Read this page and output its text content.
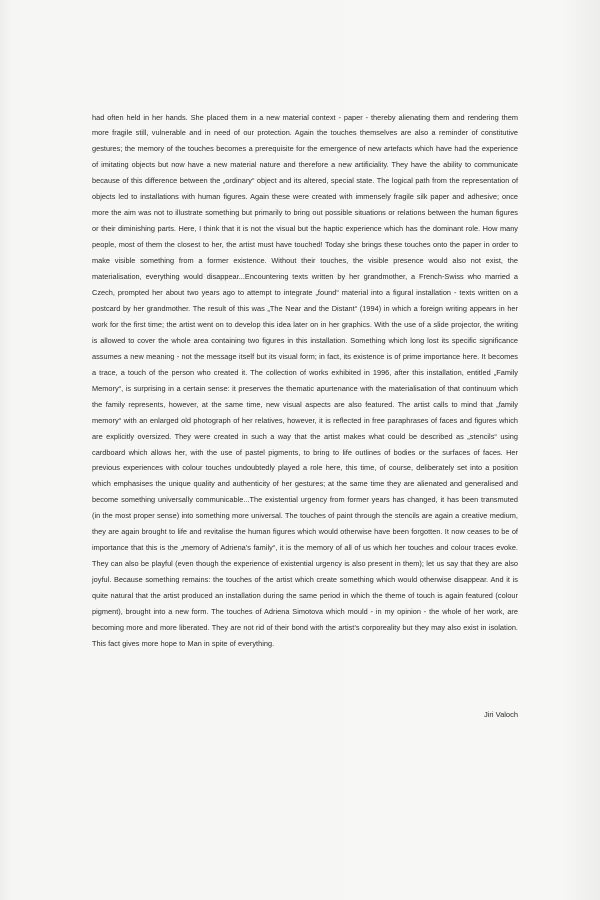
had often held in her hands. She placed them in a new material context - paper - thereby alienating them and rendering them more fragile still, vulnerable and in need of our protection. Again the touches themselves are also a reminder of constitutive gestures; the memory of the touches becomes a prerequisite for the emergence of new artefacts which have had the experience of imitating objects but now have a new material nature and therefore a new artificiality. They have the ability to communicate because of this difference between the „ordinary“ object and its altered, special state. The logical path from the representation of objects led to installations with human figures. Again these were created with immensely fragile silk paper and adhesive; once more the aim was not to illustrate something but primarily to bring out possible situations or relations between the human figures or their diminishing parts. Here, I think that it is not the visual but the haptic experience which has the dominant role. How many people, most of them the closest to her, the artist must have touched! Today she brings these touches onto the paper in order to make visible something from a former existence. Without their touches, the visible presence would also not exist, the materialisation, everything would disappear...Encountering texts written by her grandmother, a French-Swiss who married a Czech, prompted her about two years ago to attempt to integrate „found“ material into a figural installation - texts written on a postcard by her grandmother. The result of this was „The Near and the Distant“ (1994) in which a foreign writing appears in her work for the first time; the artist went on to develop this idea later on in her graphics. With the use of a slide projector, the writing is allowed to cover the whole area containing two figures in this installation. Something which long lost its specific significance assumes a new meaning - not the message itself but its visual form; in fact, its existence is of prime importance here. It becomes a trace, a touch of the person who created it. The collection of works exhibited in 1996, after this installation, entitled „Family Memory“, is surprising in a certain sense: it preserves the thematic apurtenance with the materialisation of that continuum which the family represents, however, at the same time, new visual aspects are also featured. The artist calls to mind that „family memory“ with an enlarged old photograph of her relatives, however, it is reflected in free paraphrases of faces and figures which are explicitly oversized. They were created in such a way that the artist makes what could be described as „stencils“ using cardboard which allows her, with the use of pastel pigments, to bring to life outlines of bodies or the surfaces of faces. Her previous experiences with colour touches undoubtedly played a role here, this time, of course, deliberately set into a position which emphasises the unique quality and authenticity of her gestures; at the same time they are alienated and generalised and become something universally communicable...The existential urgency from former years has changed, it has been transmuted (in the most proper sense) into something more universal. The touches of paint through the stencils are again a creative medium, they are again brought to life and revitalise the human figures which would otherwise have been forgotten. It now ceases to be of importance that this is the „memory of Adriena’s family“, it is the memory of all of us which her touches and colour traces evoke. They can also be playful (even though the experience of existential urgency is also present in them); let us say that they are also joyful. Because something remains: the touches of the artist which create something which would otherwise disappear. And it is quite natural that the artist produced an installation during the same period in which the theme of touch is again featured (colour pigment), brought into a new form. The touches of Adriena Simotova which mould - in my opinion - the whole of her work, are becoming more and more liberated. They are not rid of their bond with the artist’s corporeality but they may also exist in isolation. This fact gives more hope to Man in spite of everything.

Jiri Valoch
